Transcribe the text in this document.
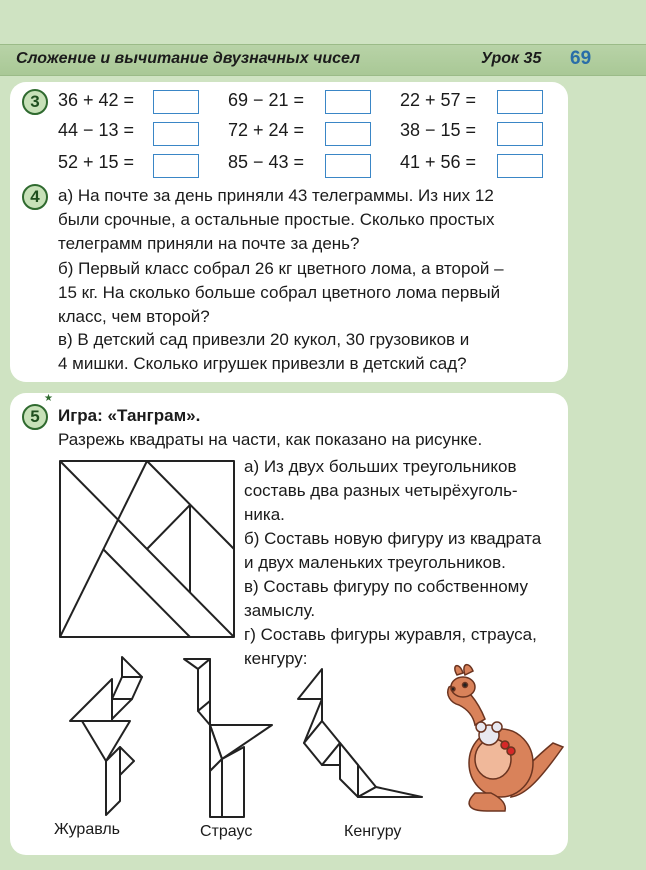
Сложение и вычитание двузначных чисел	Урок 35 69
3	36 + 42 =	69 − 21 =	22 + 57 =
44 − 13 =	72 + 24 =	38 − 15 =
52 + 15 =	85 − 43 =	41 + 56 =
4	а) На почте за день приняли 43 телеграммы. Из них 12
были срочные, а остальные простые. Сколько простых
телеграмм приняли на почте за день?
б) Первый класс собрал 26 кг цветного лома, а второй –
15 кг. На сколько больше собрал цветного лома первый
класс, чем второй?
в) В детский сад привезли 20 кукол, 30 грузовиков и
4 мишки. Сколько игрушек привезли в детский сад?
5
★
Игра: «Танграм».
Разрежь квадраты на части, как показано на рисунке.
а) Из двух больших треугольников
составь два разных четырёхуголь-
ника.
б) Составь новую фигуру из квадрата
и двух маленьких треугольников.
в) Составь фигуру по собственному
замыслу.
г) Составь фигуры журавля, страуса,
кенгуру:
Журавль	Страус	Кенгуру
